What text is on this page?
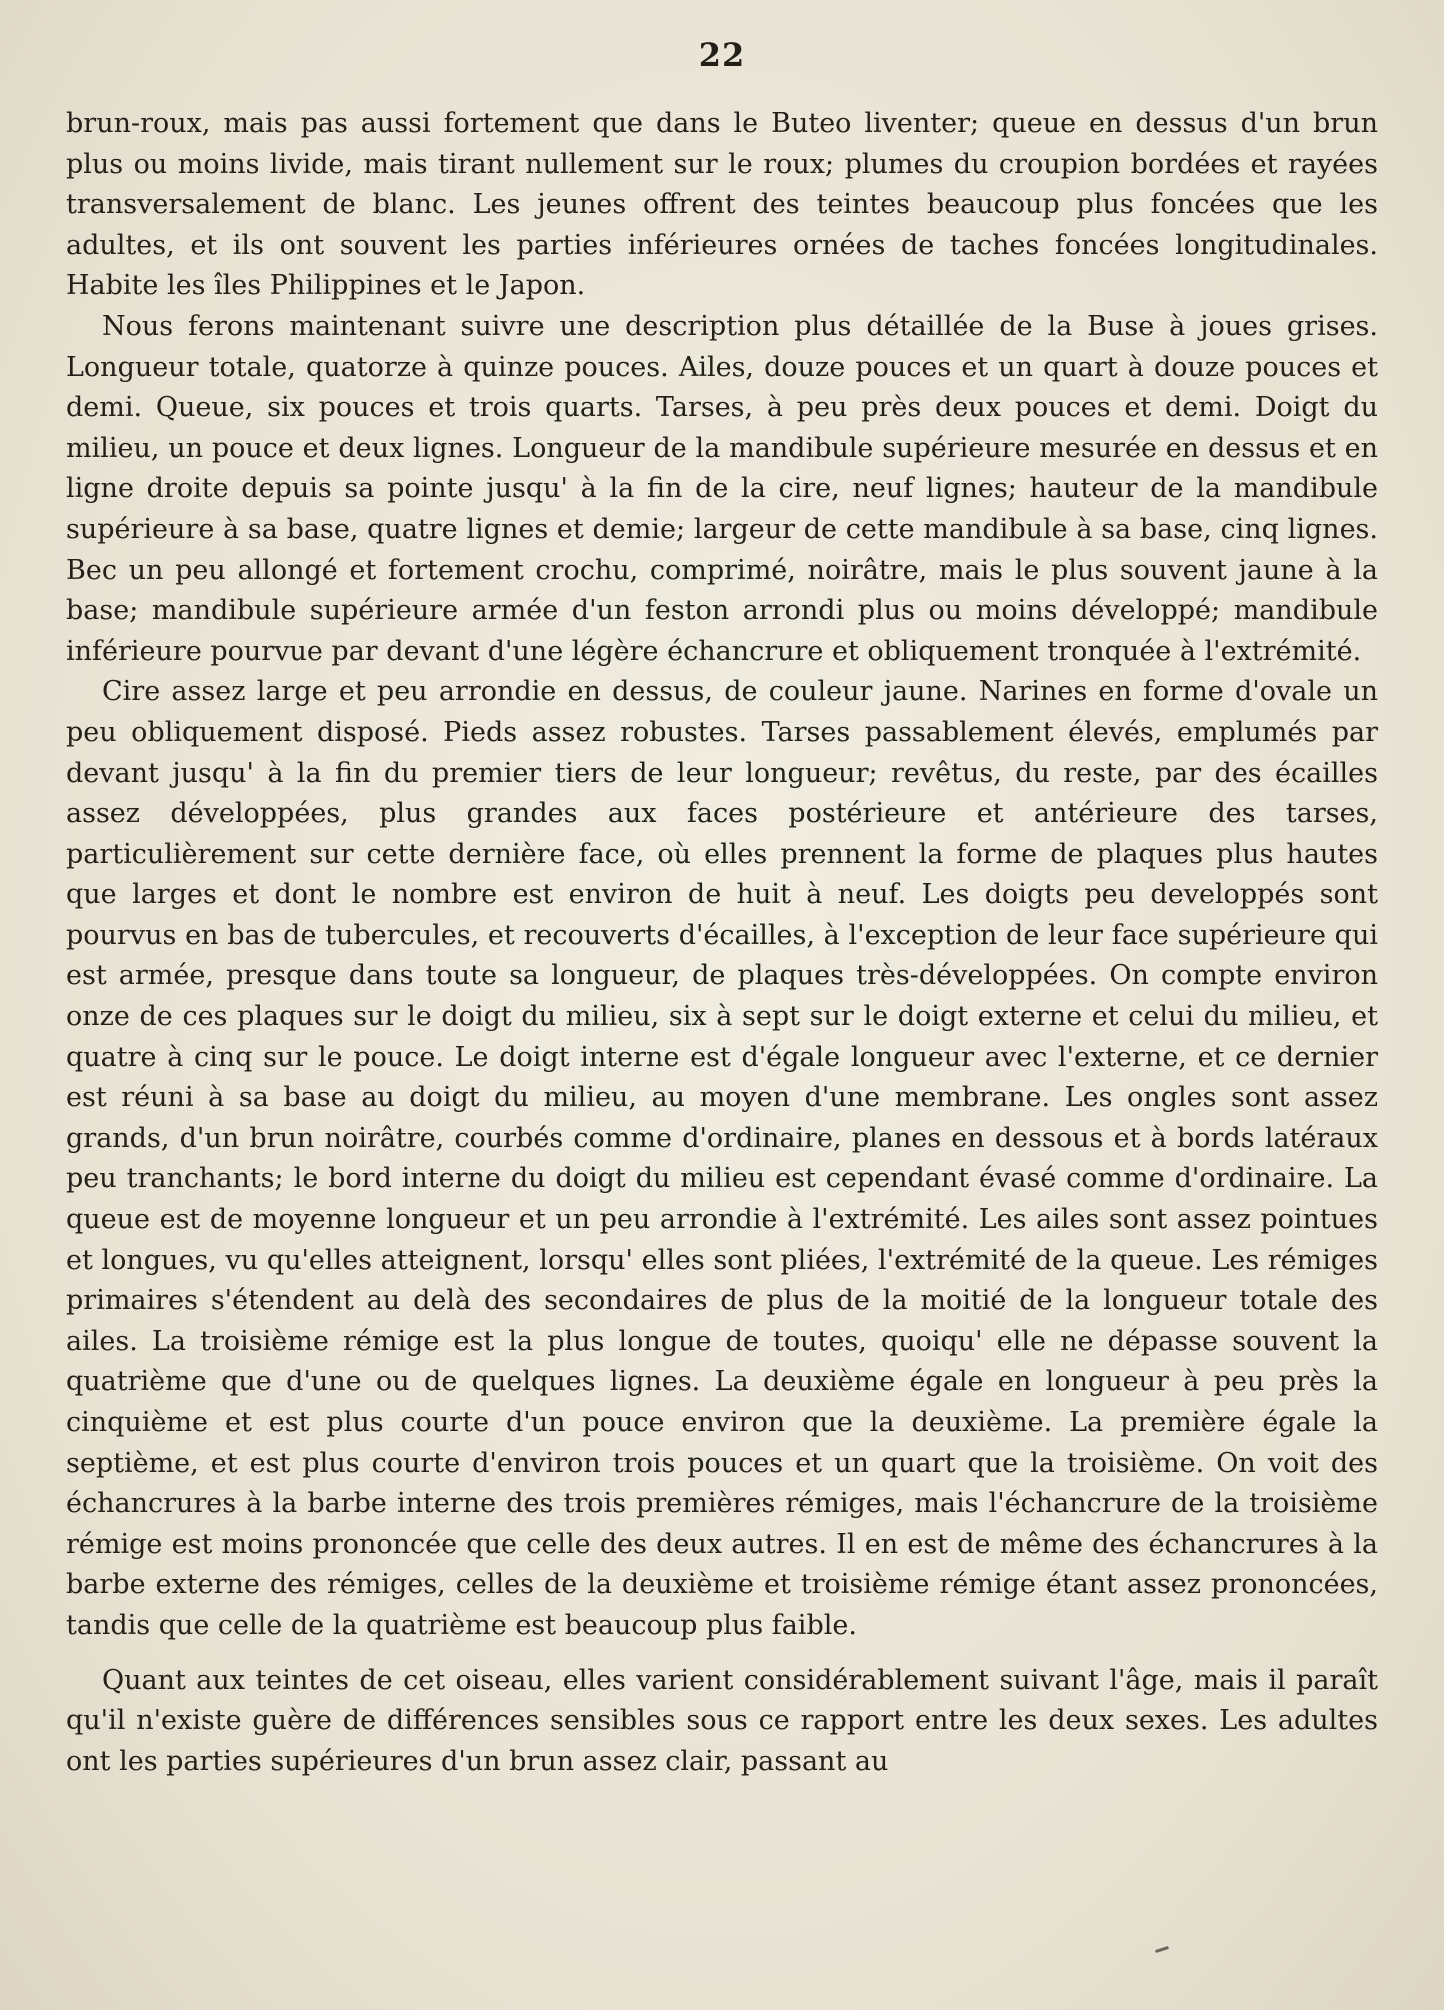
22

brun-roux, mais pas aussi fortement que dans le Buteo liventer; queue en dessus d'un brun plus ou moins livide, mais tirant nullement sur le roux; plumes du croupion bordées et rayées transversalement de blanc. Les jeunes offrent des teintes beaucoup plus foncées que les adultes, et ils ont souvent les parties inférieures ornées de taches foncées longitudinales. Habite les îles Philippines et le Japon.

Nous ferons maintenant suivre une description plus détaillée de la Buse à joues grises. Longueur totale, quatorze à quinze pouces. Ailes, douze pouces et un quart à douze pouces et demi. Queue, six pouces et trois quarts. Tarses, à peu près deux pouces et demi. Doigt du milieu, un pouce et deux lignes. Longueur de la mandibule supérieure mesurée en dessus et en ligne droite depuis sa pointe jusqu' à la fin de la cire, neuf lignes; hauteur de la mandibule supérieure à sa base, quatre lignes et demie; largeur de cette mandibule à sa base, cinq lignes. Bec un peu allongé et fortement crochu, comprimé, noirâtre, mais le plus souvent jaune à la base; mandibule supérieure armée d'un feston arrondi plus ou moins développé; mandibule inférieure pourvue par devant d'une légère échancrure et obliquement tronquée à l'extrémité.

Cire assez large et peu arrondie en dessus, de couleur jaune. Narines en forme d'ovale un peu obliquement disposé. Pieds assez robustes. Tarses passablement élevés, emplumés par devant jusqu' à la fin du premier tiers de leur longueur; revêtus, du reste, par des écailles assez développées, plus grandes aux faces postérieure et antérieure des tarses, particulièrement sur cette dernière face, où elles prennent la forme de plaques plus hautes que larges et dont le nombre est environ de huit à neuf. Les doigts peu developpés sont pourvus en bas de tubercules, et recouverts d'écailles, à l'exception de leur face supérieure qui est armée, presque dans toute sa longueur, de plaques très-développées. On compte environ onze de ces plaques sur le doigt du milieu, six à sept sur le doigt externe et celui du milieu, et quatre à cinq sur le pouce. Le doigt interne est d'égale longueur avec l'externe, et ce dernier est réuni à sa base au doigt du milieu, au moyen d'une membrane. Les ongles sont assez grands, d'un brun noirâtre, courbés comme d'ordinaire, planes en dessous et à bords latéraux peu tranchants; le bord interne du doigt du milieu est cependant évasé comme d'ordinaire. La queue est de moyenne longueur et un peu arrondie à l'extrémité. Les ailes sont assez pointues et longues, vu qu'elles atteignent, lorsqu' elles sont pliées, l'extrémité de la queue. Les rémiges primaires s'étendent au delà des secondaires de plus de la moitié de la longueur totale des ailes. La troisième rémige est la plus longue de toutes, quoiqu' elle ne dépasse souvent la quatrième que d'une ou de quelques lignes. La deuxième égale en longueur à peu près la cinquième et est plus courte d'un pouce environ que la deuxième. La première égale la septième, et est plus courte d'environ trois pouces et un quart que la troisième. On voit des échancrures à la barbe interne des trois premières rémiges, mais l'échancrure de la troisième rémige est moins prononcée que celle des deux autres. Il en est de même des échancrures à la barbe externe des rémiges, celles de la deuxième et troisième rémige étant assez prononcées, tandis que celle de la quatrième est beaucoup plus faible.

Quant aux teintes de cet oiseau, elles varient considérablement suivant l'âge, mais il paraît qu'il n'existe guère de différences sensibles sous ce rapport entre les deux sexes. Les adultes ont les parties supérieures d'un brun assez clair, passant au
